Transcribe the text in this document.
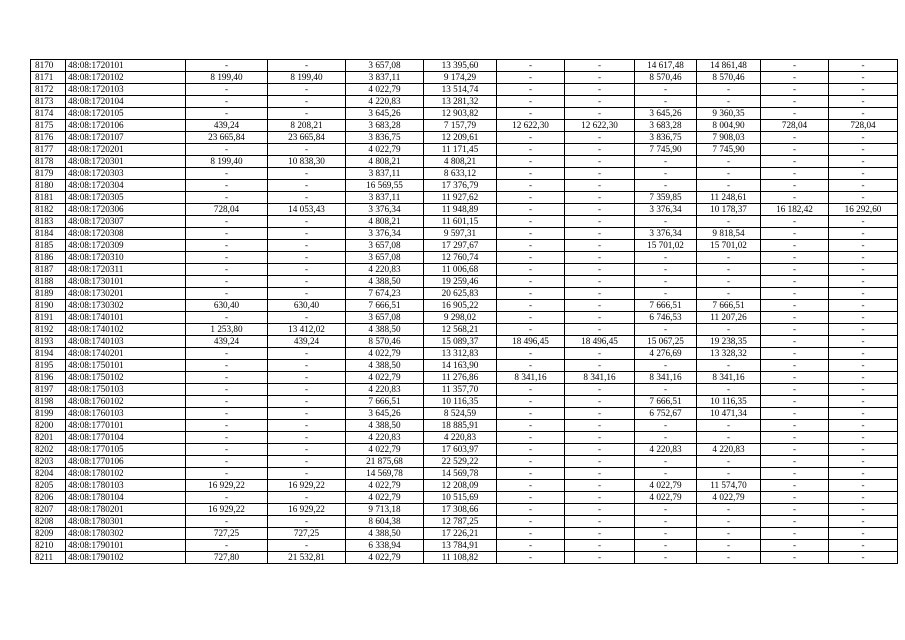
8170	48:08:1720101	-	-	3 657,08	13 395,60	-	-	14 617,48	14 861,48	-	-
8171	48:08:1720102	8 199,40	8 199,40	3 837,11	9 174,29	-	-	8 570,46	8 570,46	-	-
8172	48:08:1720103	-	-	4 022,79	13 514,74	-	-	-	-	-	-
8173	48:08:1720104	-	-	4 220,83	13 281,32	-	-	-	-	-	-
8174	48:08:1720105	-	-	3 645,26	12 903,82	-	-	3 645,26	9 360,35	-	-
8175	48:08:1720106	439,24	8 208,21	3 683,28	7 157,79	12 622,30	12 622,30	3 683,28	8 004,90	728,04	728,04
8176	48:08:1720107	23 665,84	23 665,84	3 836,75	12 209,61	-	-	3 836,75	7 908,03	-	-
8177	48:08:1720201	-	-	4 022,79	11 171,45	-	-	7 745,90	7 745,90	-	-
8178	48:08:1720301	8 199,40	10 838,30	4 808,21	4 808,21	-	-	-	-	-	-
8179	48:08:1720303	-	-	3 837,11	8 633,12	-	-	-	-	-	-
8180	48:08:1720304	-	-	16 569,55	17 376,79	-	-	-	-	-	-
8181	48:08:1720305	-	-	3 837,11	11 927,62	-	-	7 359,85	11 248,61	-	-
8182	48:08:1720306	728,04	14 053,43	3 376,34	11 948,89	-	-	3 376,34	10 178,37	16 182,42	16 292,60
8183	48:08:1720307	-	-	4 808,21	11 601,15	-	-	-	-	-	-
8184	48:08:1720308	-	-	3 376,34	9 597,31	-	-	3 376,34	9 818,54	-	-
8185	48:08:1720309	-	-	3 657,08	17 297,67	-	-	15 701,02	15 701,02	-	-
8186	48:08:1720310	-	-	3 657,08	12 760,74	-	-	-	-	-	-
8187	48:08:1720311	-	-	4 220,83	11 006,68	-	-	-	-	-	-
8188	48:08:1730101	-	-	4 388,50	19 259,46	-	-	-	-	-	-
8189	48:08:1730201	-	-	7 674,23	20 625,83	-	-	-	-	-	-
8190	48:08:1730302	630,40	630,40	7 666,51	16 905,22	-	-	7 666,51	7 666,51	-	-
8191	48:08:1740101	-	-	3 657,08	9 298,02	-	-	6 746,53	11 207,26	-	-
8192	48:08:1740102	1 253,80	13 412,02	4 388,50	12 568,21	-	-	-	-	-	-
8193	48:08:1740103	439,24	439,24	8 570,46	15 089,37	18 496,45	18 496,45	15 067,25	19 238,35	-	-
8194	48:08:1740201	-	-	4 022,79	13 312,83	-	-	4 276,69	13 328,32	-	-
8195	48:08:1750101	-	-	4 388,50	14 163,90	-	-	-	-	-	-
8196	48:08:1750102	-	-	4 022,79	11 276,86	8 341,16	8 341,16	8 341,16	8 341,16	-	-
8197	48:08:1750103	-	-	4 220,83	11 357,70	-	-	-	-	-	-
8198	48:08:1760102	-	-	7 666,51	10 116,35	-	-	7 666,51	10 116,35	-	-
8199	48:08:1760103	-	-	3 645,26	8 524,59	-	-	6 752,67	10 471,34	-	-
8200	48:08:1770101	-	-	4 388,50	18 885,91	-	-	-	-	-	-
8201	48:08:1770104	-	-	4 220,83	4 220,83	-	-	-	-	-	-
8202	48:08:1770105	-	-	4 022,79	17 603,97	-	-	4 220,83	4 220,83	-	-
8203	48:08:1770106	-	-	21 875,68	22 529,22	-	-	-	-	-	-
8204	48:08:1780102	-	-	14 569,78	14 569,78	-	-	-	-	-	-
8205	48:08:1780103	16 929,22	16 929,22	4 022,79	12 208,09	-	-	4 022,79	11 574,70	-	-
8206	48:08:1780104	-	-	4 022,79	10 515,69	-	-	4 022,79	4 022,79	-	-
8207	48:08:1780201	16 929,22	16 929,22	9 713,18	17 308,66	-	-	-	-	-	-
8208	48:08:1780301	-	-	8 604,38	12 787,25	-	-	-	-	-	-
8209	48:08:1780302	727,25	727,25	4 388,50	17 226,21	-	-	-	-	-	-
8210	48:08:1790101	-	-	6 338,94	13 784,91	-	-	-	-	-	-
8211	48:08:1790102	727,80	21 532,81	4 022,79	11 108,82	-	-	-	-	-	-
